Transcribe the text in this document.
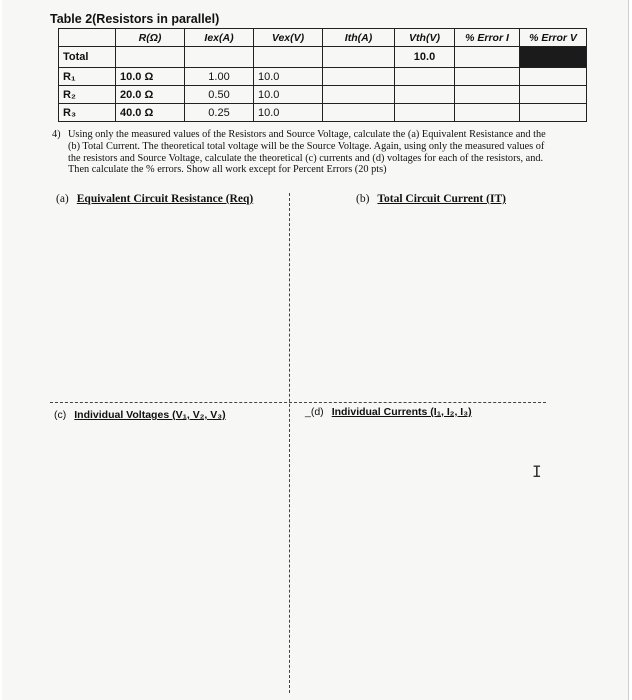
Table 2(Resistors in parallel)
	R(Ω)	Iex(A)	Vex(V)	Ith(A)	Vth(V)	% Error I	% Error V
Total					10.0		
R₁	10.0 Ω	1.00	10.0				
R₂	20.0 Ω	0.50	10.0				
R₃	40.0 Ω	0.25	10.0				
4) Using only the measured values of the Resistors and Source Voltage, calculate the (a) Equivalent Resistance and the (b) Total Current. The theoretical total voltage will be the Source Voltage. Again, using only the measured values of the resistors and Source Voltage, calculate the theoretical (c) currents and (d) voltages for each of the resistors, and. Then calculate the % errors. Show all work except for Percent Errors (20 pts)
(a) Equivalent Circuit Resistance (Req)	(b) Total Circuit Current (IT)
(c) Individual Voltages (V₁, V₂, V₃)	_(d) Individual Currents (I₁, I₂, I₃)
I
